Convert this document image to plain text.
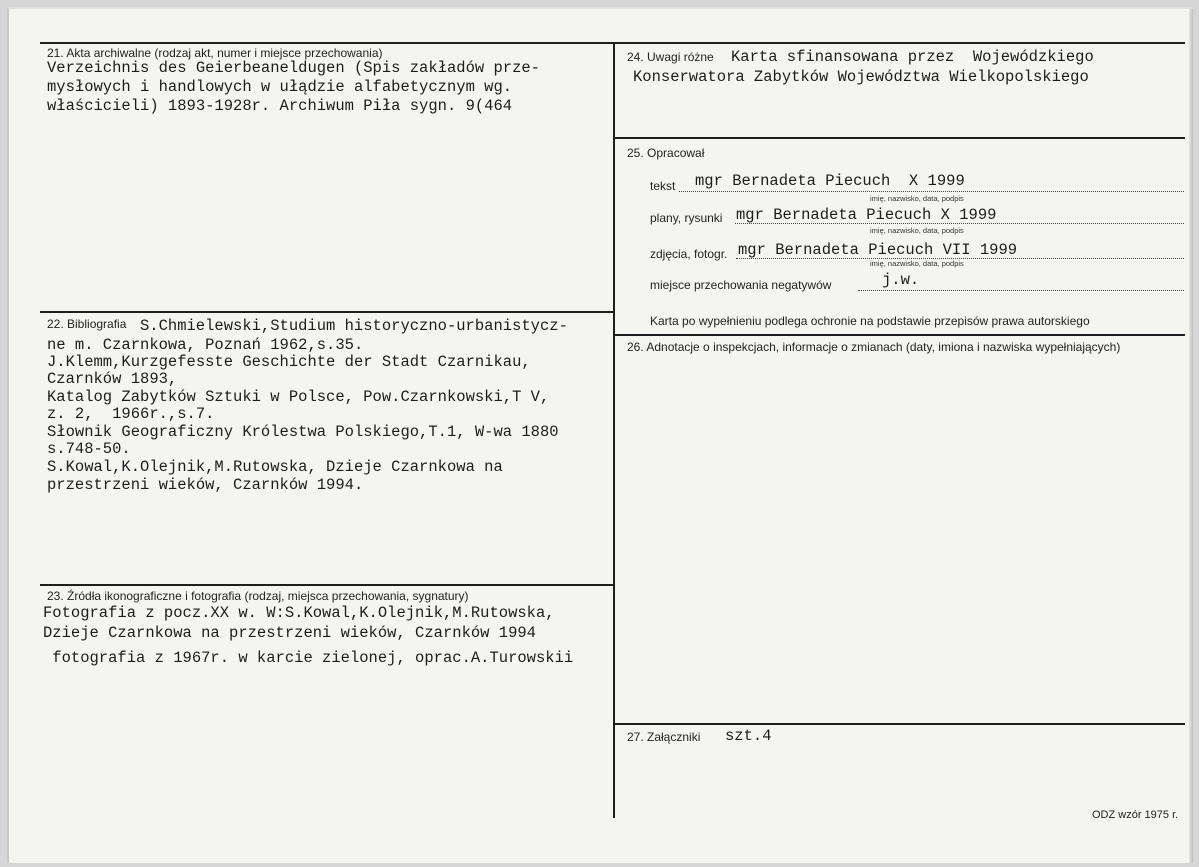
21. Akta archiwalne (rodzaj akt, numer i miejsce przechowania)
Verzeichnis des Geierbeaneldugen (Spis zakładów prze-
mysłowych i handlowych w ułądzie alfabetycznym wg.
właścicieli) 1893-1928r. Archiwum Piła sygn. 9(464
22. Bibliografia S.Chmielewski,Studium historyczno-urbanistycz-
ne m. Czarnkowa, Poznań 1962,s.35.
J.Klemm,Kurzgefesste Geschichte der Stadt Czarnikau,
Czarnków 1893,
Katalog Zabytków Sztuki w Polsce, Pow.Czarnkowski,T V,
z. 2,  1966r.,s.7.
Słownik Geograficzny Królestwa Polskiego,T.1, W-wa 1880
s.748-50.
S.Kowal,K.Olejnik,M.Rutowska, Dzieje Czarnkowa na
przestrzeni wieków, Czarnków 1994.
23. Źródła ikonograficzne i fotografia (rodzaj, miejsca przechowania, sygnatury)
Fotografia z pocz.XX w. W:S.Kowal,K.Olejnik,M.Rutowska,
Dzieje Czarnkowa na przestrzeni wieków, Czarnków 1994
fotografia z 1967r. w karcie zielonej, oprac.A.Turowskii
24. Uwagi różne Karta sfinansowana przez  Wojewódzkiego
Konserwatora Zabytków Województwa Wielkopolskiego
25. Opracował
tekst mgr Bernadeta Piecuch  X 1999
imię, nazwisko, data, podpis
plany, rysunki mgr Bernadeta Piecuch X 1999
imię, nazwisko, data, podpis
zdjęcia, fotogr. mgr Bernadeta Piecuch VII 1999
imię, nazwisko, data, podpis
miejsce przechowania negatywów	j.w.
Karta po wypełnieniu podlega ochronie na podstawie przepisów prawa autorskiego
26. Adnotacje o inspekcjach, informacje o zmianach (daty, imiona i nazwiska wypełniających)
27. Załączniki szt.4
ODZ wzór 1975 r.
